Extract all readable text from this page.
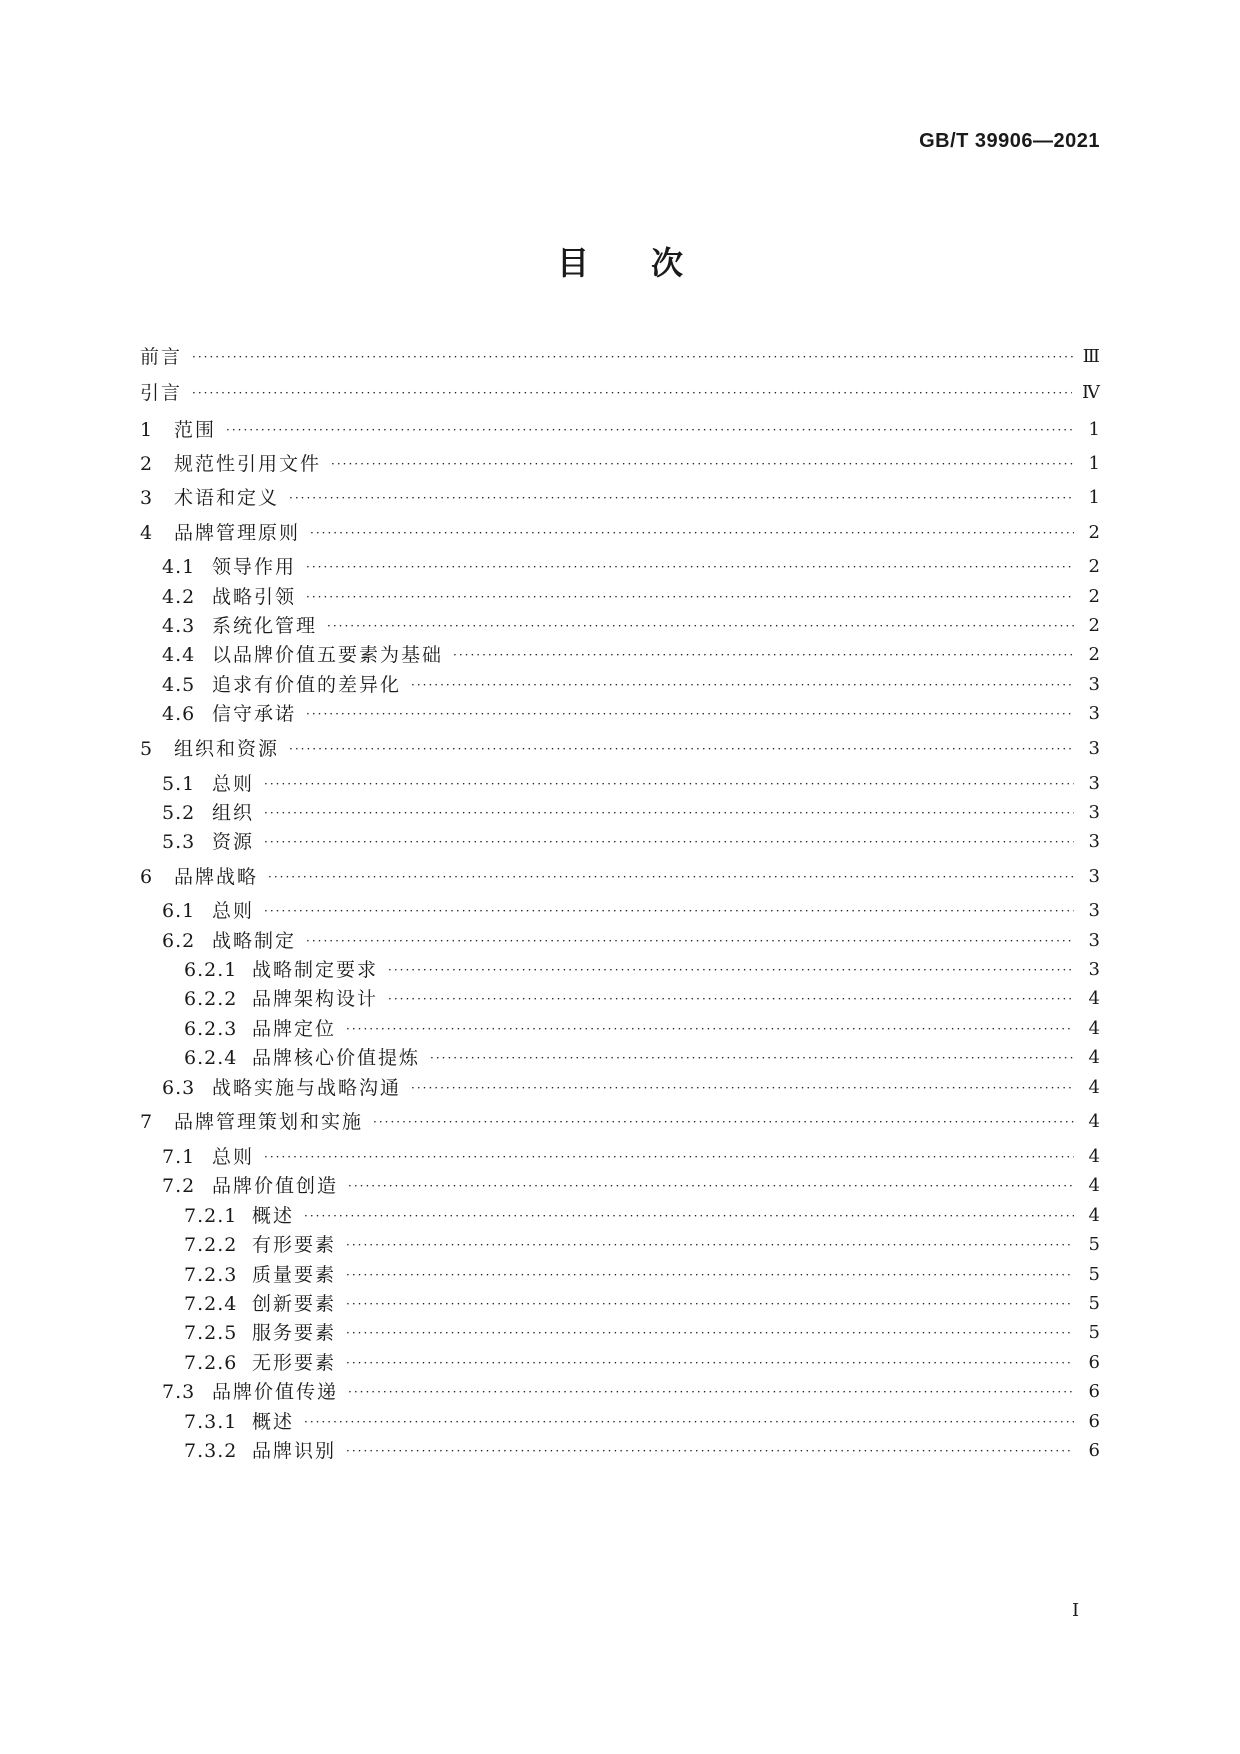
GB/T 39906—2021
目次
前言 ·····	Ⅲ
引言 ·····	Ⅳ
1	范围 ·····	1
2	规范性引用文件 ·····	1
3	术语和定义 ·····	1
4	品牌管理原则 ·····	2
4.1 领导作用 ·····	2
4.2 战略引领 ·····	2
4.3 系统化管理 ·····	2
4.4 以品牌价值五要素为基础 ·····	2
4.5 追求有价值的差异化 ·····	3
4.6 信守承诺 ·····	3
5	组织和资源 ·····	3
5.1 总则 ·····	3
5.2 组织 ·····	3
5.3 资源 ·····	3
6	品牌战略 ·····	3
6.1 总则 ·····	3
6.2 战略制定 ·····	3
6.2.1 战略制定要求 ·····	3
6.2.2 品牌架构设计 ·····	4
6.2.3 品牌定位 ·····	4
6.2.4 品牌核心价值提炼 ·····	4
6.3 战略实施与战略沟通 ·····	4
7	品牌管理策划和实施 ·····	4
7.1 总则 ·····	4
7.2 品牌价值创造 ·····	4
7.2.1 概述 ·····	4
7.2.2 有形要素 ·····	5
7.2.3 质量要素 ·····	5
7.2.4 创新要素 ·····	5
7.2.5 服务要素 ·····	5
7.2.6 无形要素 ·····	6
7.3 品牌价值传递 ·····	6
7.3.1 概述 ·····	6
7.3.2 品牌识别 ·····	6
Ⅰ
